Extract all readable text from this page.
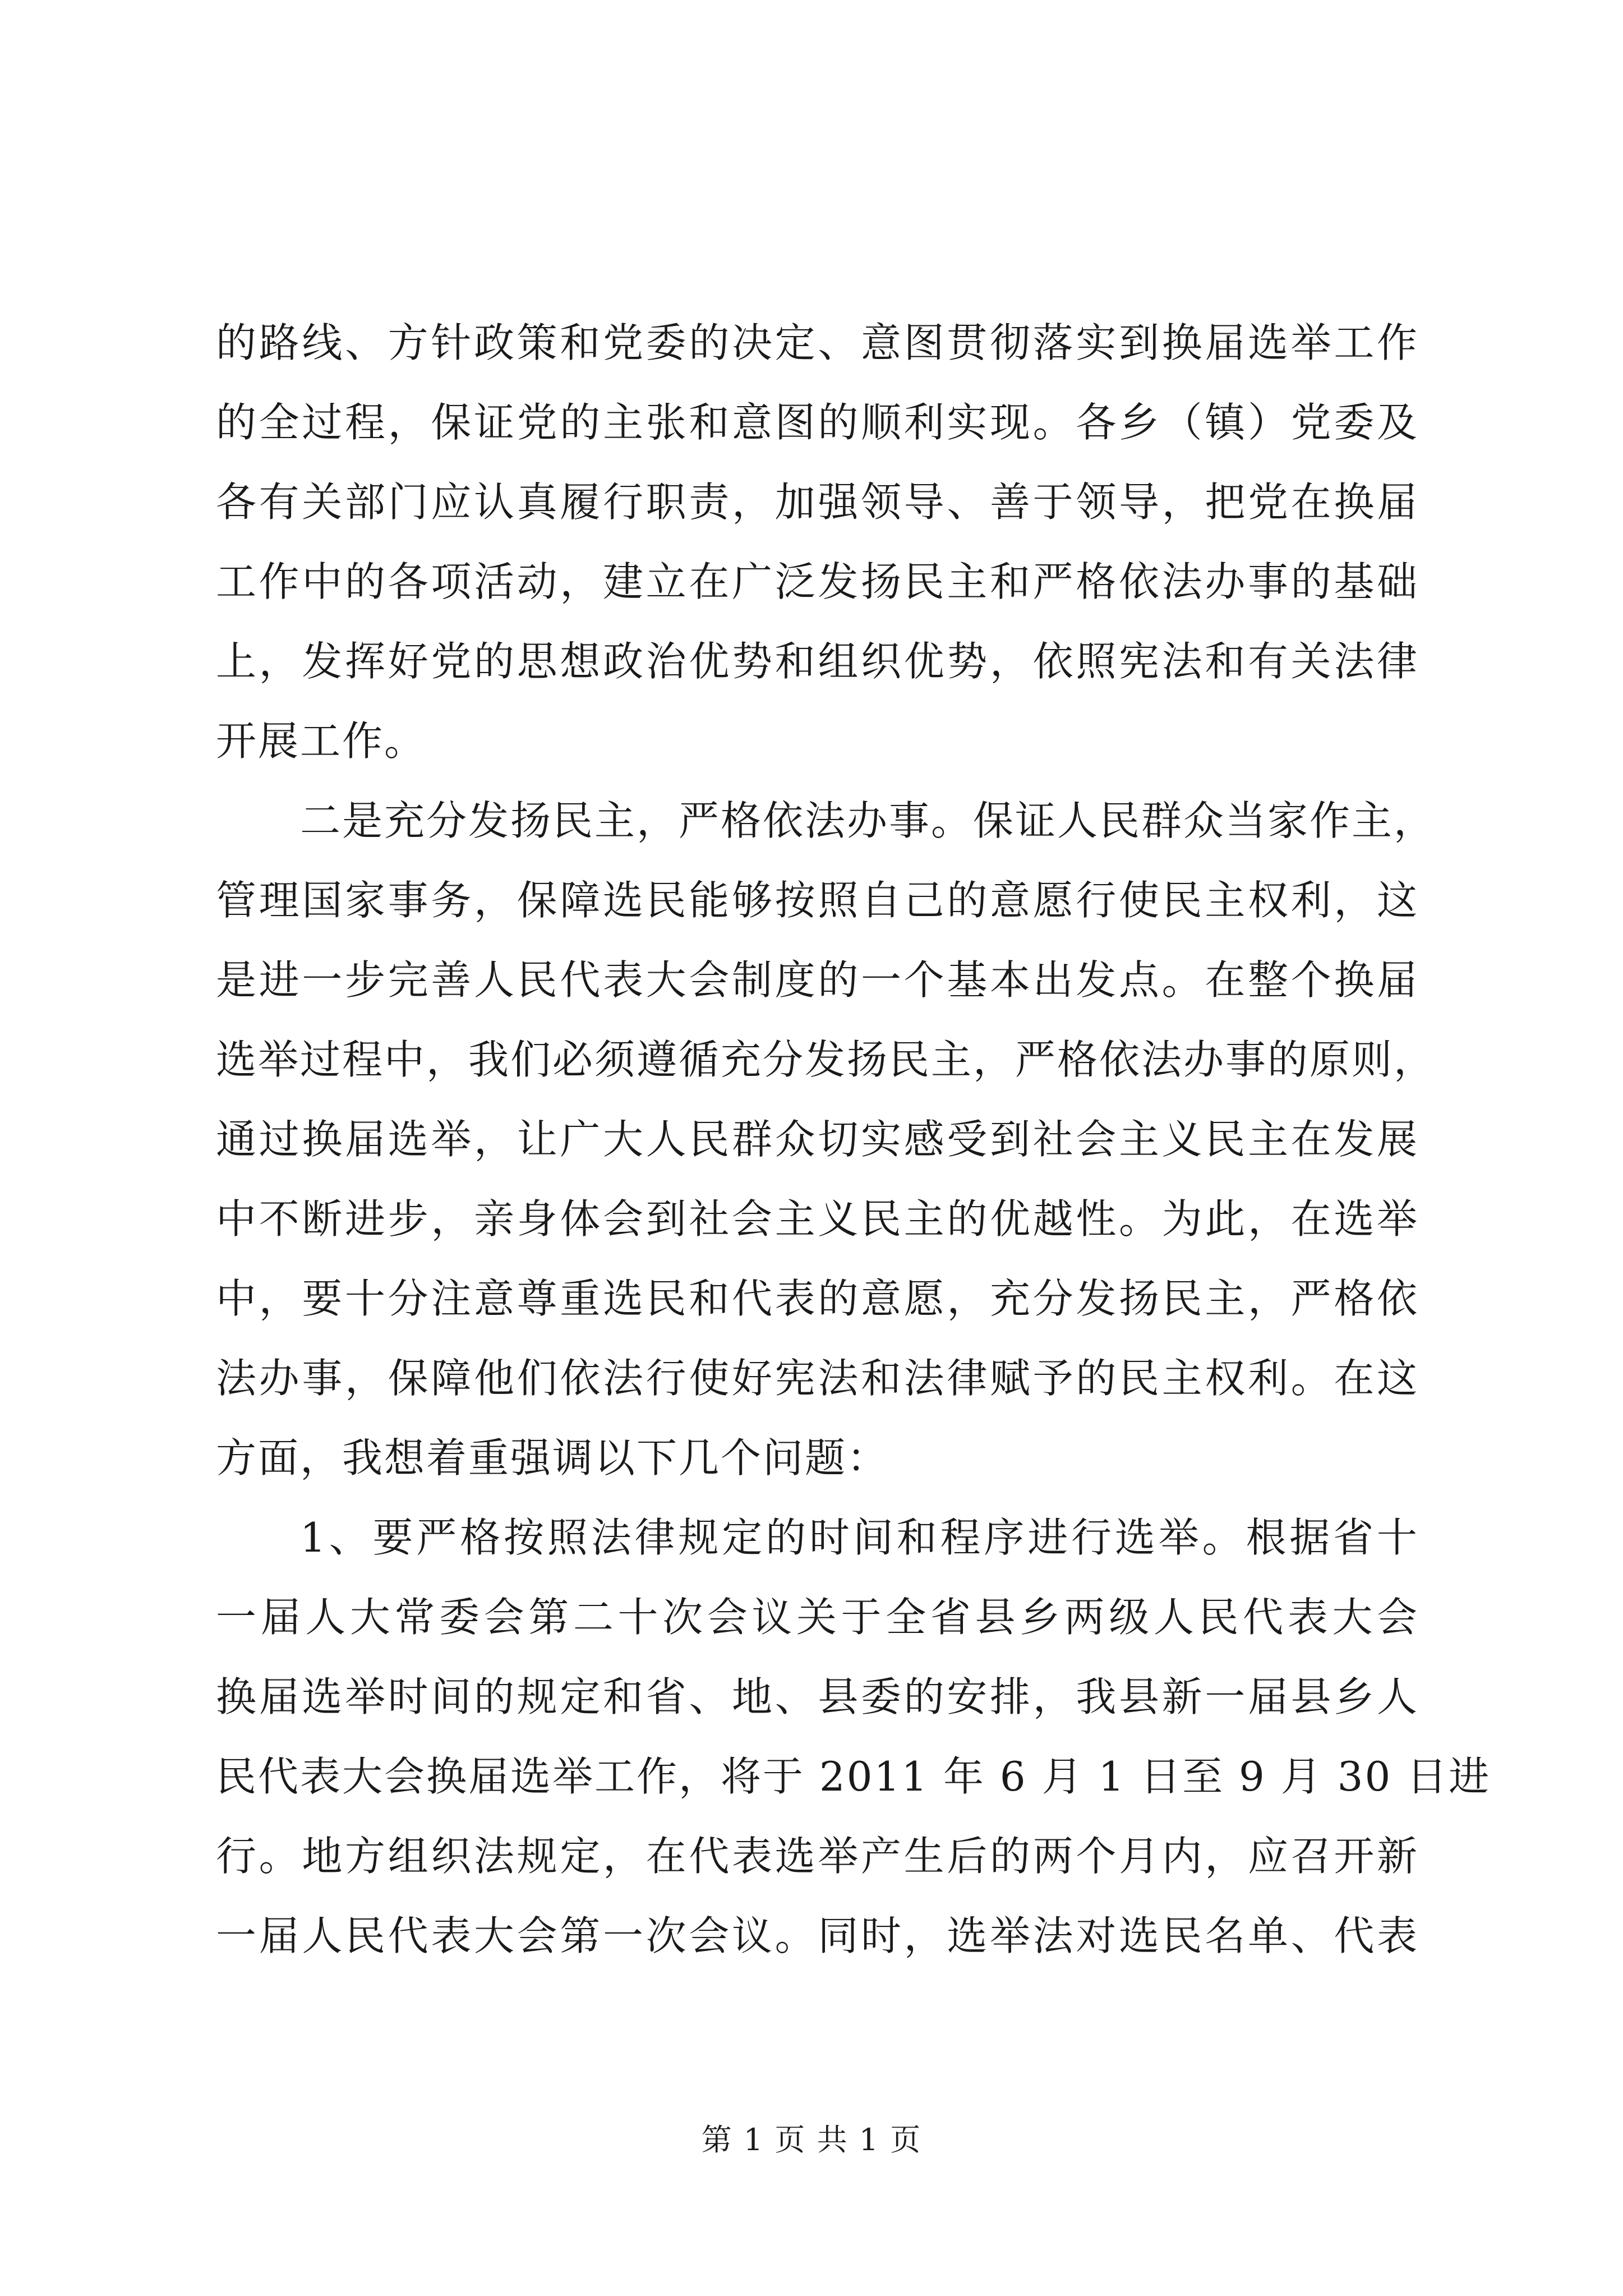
的路线、方针政策和党委的决定、意图贯彻落实到换届选举工作
的全过程，保证党的主张和意图的顺利实现。各乡（镇）党委及
各有关部门应认真履行职责，加强领导、善于领导，把党在换届
工作中的各项活动，建立在广泛发扬民主和严格依法办事的基础
上，发挥好党的思想政治优势和组织优势，依照宪法和有关法律
开展工作。
二是充分发扬民主，严格依法办事。保证人民群众当家作主，
管理国家事务，保障选民能够按照自己的意愿行使民主权利，这
是进一步完善人民代表大会制度的一个基本出发点。在整个换届
选举过程中，我们必须遵循充分发扬民主，严格依法办事的原则，
通过换届选举，让广大人民群众切实感受到社会主义民主在发展
中不断进步，亲身体会到社会主义民主的优越性。为此，在选举
中，要十分注意尊重选民和代表的意愿，充分发扬民主，严格依
法办事，保障他们依法行使好宪法和法律赋予的民主权利。在这
方面，我想着重强调以下几个问题：
1、要严格按照法律规定的时间和程序进行选举。根据省十
一届人大常委会第二十次会议关于全省县乡两级人民代表大会
换届选举时间的规定和省、地、县委的安排，我县新一届县乡人
民代表大会换届选举工作，将于 2011 年 6 月 1 日至 9 月 30 日进
行。地方组织法规定，在代表选举产生后的两个月内，应召开新
一届人民代表大会第一次会议。同时，选举法对选民名单、代表
第 1 页 共 1 页
